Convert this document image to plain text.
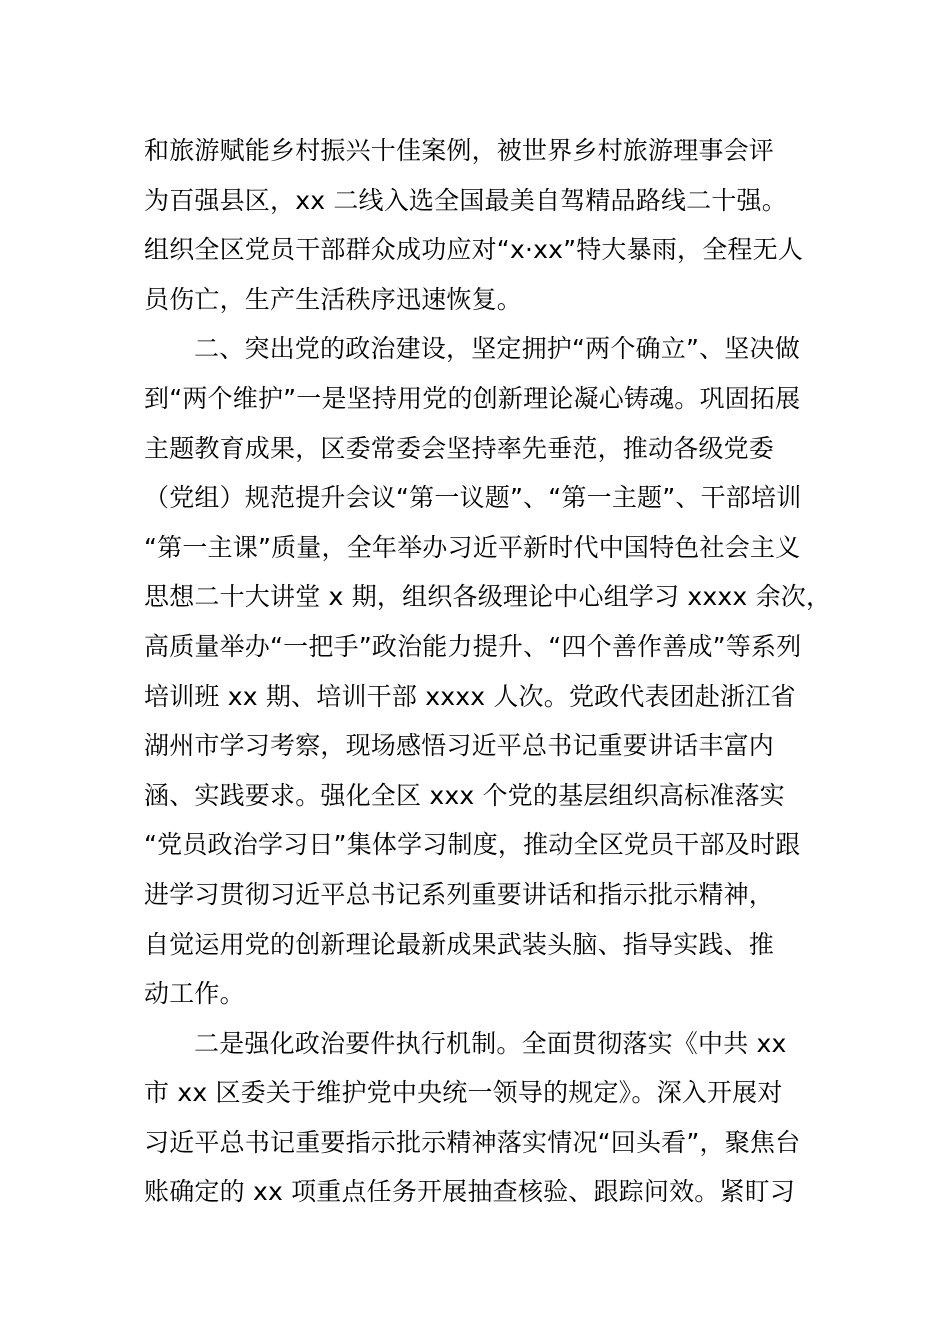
和旅游赋能乡村振兴十佳案例，被世界乡村旅游理事会评
为百强县区，xx 二线入选全国最美自驾精品路线二十强。
组织全区党员干部群众成功应对“x·xx”特大暴雨，全程无人
员伤亡，生产生活秩序迅速恢复。
二、突出党的政治建设，坚定拥护“两个确立”、坚决做
到“两个维护”一是坚持用党的创新理论凝心铸魂。巩固拓展
主题教育成果，区委常委会坚持率先垂范，推动各级党委
（党组）规范提升会议“第一议题”、“第一主题”、干部培训
“第一主课”质量，全年举办习近平新时代中国特色社会主义
思想二十大讲堂 x 期，组织各级理论中心组学习 xxxx 余次，
高质量举办“一把手”政治能力提升、“四个善作善成”等系列
培训班 xx 期、培训干部 xxxx 人次。党政代表团赴浙江省
湖州市学习考察，现场感悟习近平总书记重要讲话丰富内
涵、实践要求。强化全区 xxx 个党的基层组织高标准落实
“党员政治学习日”集体学习制度，推动全区党员干部及时跟
进学习贯彻习近平总书记系列重要讲话和指示批示精神，
自觉运用党的创新理论最新成果武装头脑、指导实践、推
动工作。
二是强化政治要件执行机制。全面贯彻落实《中共 xx
市 xx 区委关于维护党中央统一领导的规定》。深入开展对
习近平总书记重要指示批示精神落实情况“回头看”，聚焦台
账确定的 xx 项重点任务开展抽查核验、跟踪问效。紧盯习
